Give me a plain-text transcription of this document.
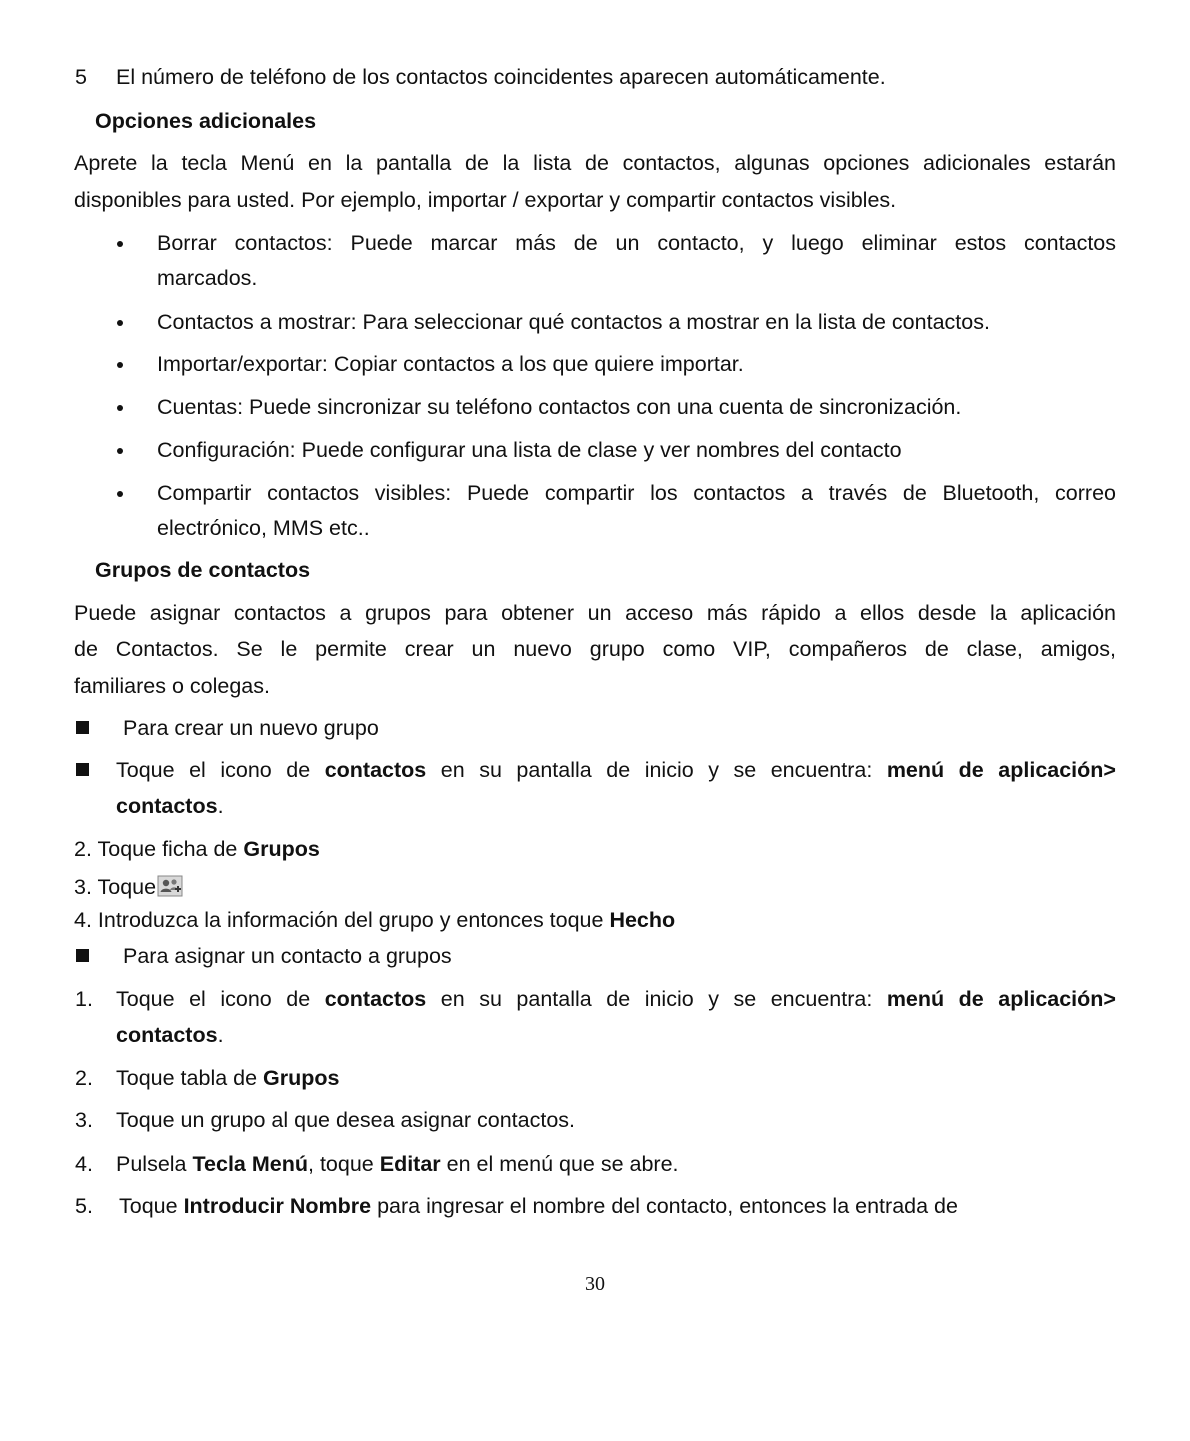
5 El número de teléfono de los contactos coincidentes aparecen automáticamente.
Opciones adicionales
Aprete la tecla Menú en la pantalla de la lista de contactos, algunas opciones adicionales estarán
disponibles para usted. Por ejemplo, importar / exportar y compartir contactos visibles.
Borrar contactos: Puede marcar más de un contacto, y luego eliminar estos contactos
marcados.
Contactos a mostrar: Para seleccionar qué contactos a mostrar en la lista de contactos.
Importar/exportar: Copiar contactos a los que quiere importar.
Cuentas: Puede sincronizar su teléfono contactos con una cuenta de sincronización.
Configuración: Puede configurar una lista de clase y ver nombres del contacto
Compartir contactos visibles: Puede compartir los contactos a través de Bluetooth, correo
electrónico, MMS etc..
Grupos de contactos
Puede asignar contactos a grupos para obtener un acceso más rápido a ellos desde la aplicación
de Contactos. Se le permite crear un nuevo grupo como VIP, compañeros de clase, amigos,
familiares o colegas.
Para crear un nuevo grupo
Toque el icono de contactos en su pantalla de inicio y se encuentra: menú de aplicación>
contactos.
2. Toque ficha de Grupos
3. Toque
4. Introduzca la información del grupo y entonces toque Hecho
Para asignar un contacto a grupos
1. Toque el icono de contactos en su pantalla de inicio y se encuentra: menú de aplicación>
contactos.
2. Toque tabla de Grupos
3. Toque un grupo al que desea asignar contactos.
4. Pulsela Tecla Menú, toque Editar en el menú que se abre.
5. Toque Introducir Nombre para ingresar el nombre del contacto, entonces la entrada de
30
